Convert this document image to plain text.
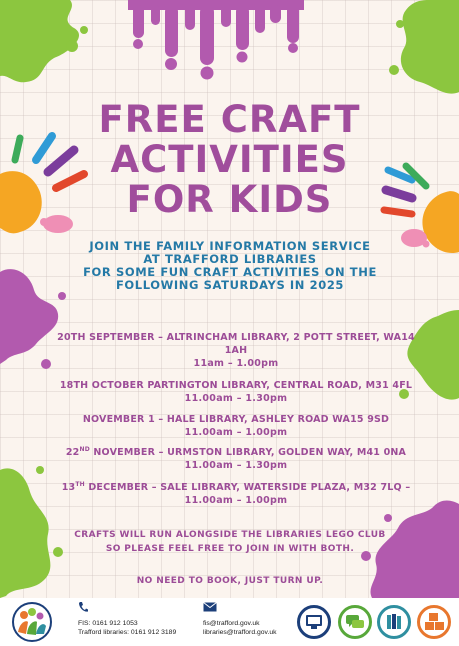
FREE CRAFT
ACTIVITIES
FOR KIDS
JOIN THE FAMILY INFORMATION SERVICE
AT TRAFFORD LIBRARIES
FOR SOME FUN CRAFT ACTIVITIES ON THE
FOLLOWING SATURDAYS IN 2025
20TH SEPTEMBER – ALTRINCHAM LIBRARY, 2 POTT STREET, WA14
1AH
11am – 1.00pm
18TH OCTOBER PARTINGTON LIBRARY, CENTRAL ROAD, M31 4FL
11.00am – 1.30pm
NOVEMBER 1 – HALE LIBRARY, ASHLEY ROAD WA15 9SD
11.00am – 1.00pm
22ND NOVEMBER – URMSTON LIBRARY, GOLDEN WAY, M41 0NA
11.00am – 1.30pm
13TH DECEMBER – SALE LIBRARY, WATERSIDE PLAZA, M32 7LQ –
11.00am – 1.00pm
CRAFTS WILL RUN ALONGSIDE THE LIBRARIES LEGO CLUB
SO PLEASE FEEL FREE TO JOIN IN WITH BOTH.
NO NEED TO BOOK, JUST TURN UP.
FIS: 0161 912 1053
Trafford libraries: 0161 912 3189
fis@trafford.gov.uk
libraries@trafford.gov.uk
